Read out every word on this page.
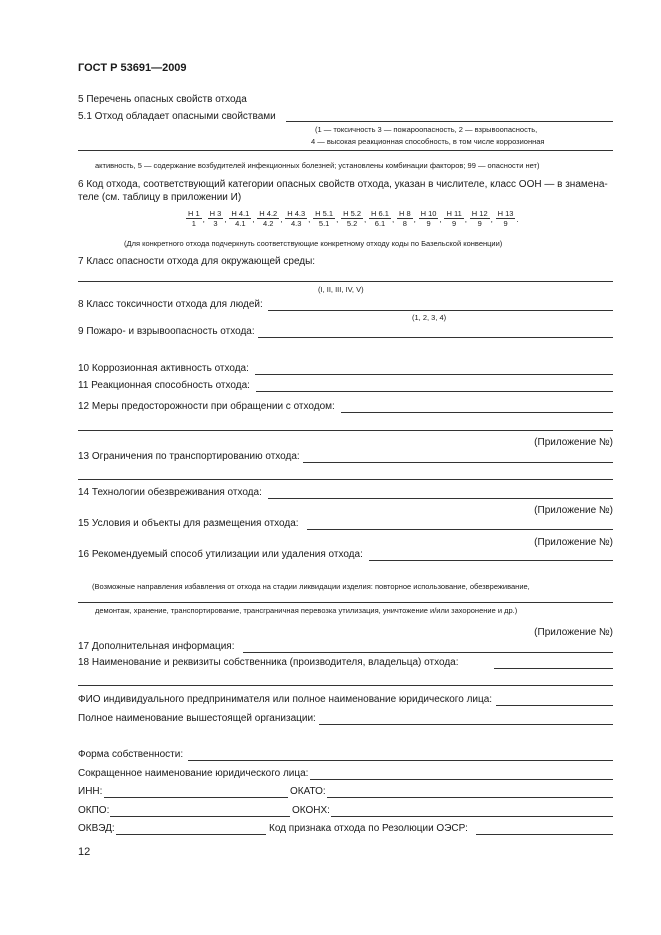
ГОСТ Р 53691—2009
5 Перечень опасных свойств отхода
5.1 Отход обладает опасными свойствами
(1 — токсичность 3 — пожароопасность, 2 — взрывоопасность,
4 — высокая реакционная способность, в том числе коррозионная
активность, 5 — содержание возбудителей инфекционных болезней; установлены комбинации факторов; 99 — опасности нет)
6 Код отхода, соответствующий категории опасных свойств отхода, указан в числителе, класс ООН — в знамена-
теле (см. таблицу в приложении И)
$\frac{Н 1}{1}$ , $\frac{Н 3}{3}$ , $\frac{Н 4.1}{4.1}$ , $\frac{Н 4.2}{4.2}$ , $\frac{Н 4.3}{4.3}$ , $\frac{Н 5.1}{5.1}$ , $\frac{Н 5.2}{5.2}$ , $\frac{Н 6.1}{6.1}$ , $\frac{Н 8}{8}$ , $\frac{Н 10}{9}$ , $\frac{Н 11}{9}$ , $\frac{Н 12}{9}$ , $\frac{Н 13}{9}$ .
(Для конкретного отхода подчеркнуть соответствующие конкретному отходу коды по Базельской конвенции)
7 Класс опасности отхода для окружающей среды:
(I, II, III, IV, V)
8 Класс токсичности отхода для людей:
(1, 2, 3, 4)
9 Пожаро- и взрывоопасность отхода:
10 Коррозионная активность отхода:
11 Реакционная способность отхода:
12 Меры предосторожности при обращении с отходом:
(Приложение №)
13 Ограничения по транспортированию отхода:
14 Технологии обезвреживания отхода:
(Приложение №)
15 Условия и объекты для размещения отхода:
(Приложение №)
16 Рекомендуемый способ утилизации или удаления отхода:
(Возможные направления избавления от отхода на стадии ликвидации изделия: повторное использование, обезвреживание,
демонтаж, хранение, транспортирование, трансграничная перевозка утилизация, уничтожение и/или захоронение и др.)
(Приложение №)
17 Дополнительная информация:
18 Наименование и реквизиты собственника (производителя, владельца) отхода:
ФИО индивидуального предпринимателя или полное наименование юридического лица:
Полное наименование вышестоящей организации:
Форма собственности:
Сокращенное наименование юридического лица:
ИНН:	ОКАТО:
ОКПО:	ОКОНХ:
ОКВЭД:	Код признака отхода по Резолюции ОЭСР:
12
